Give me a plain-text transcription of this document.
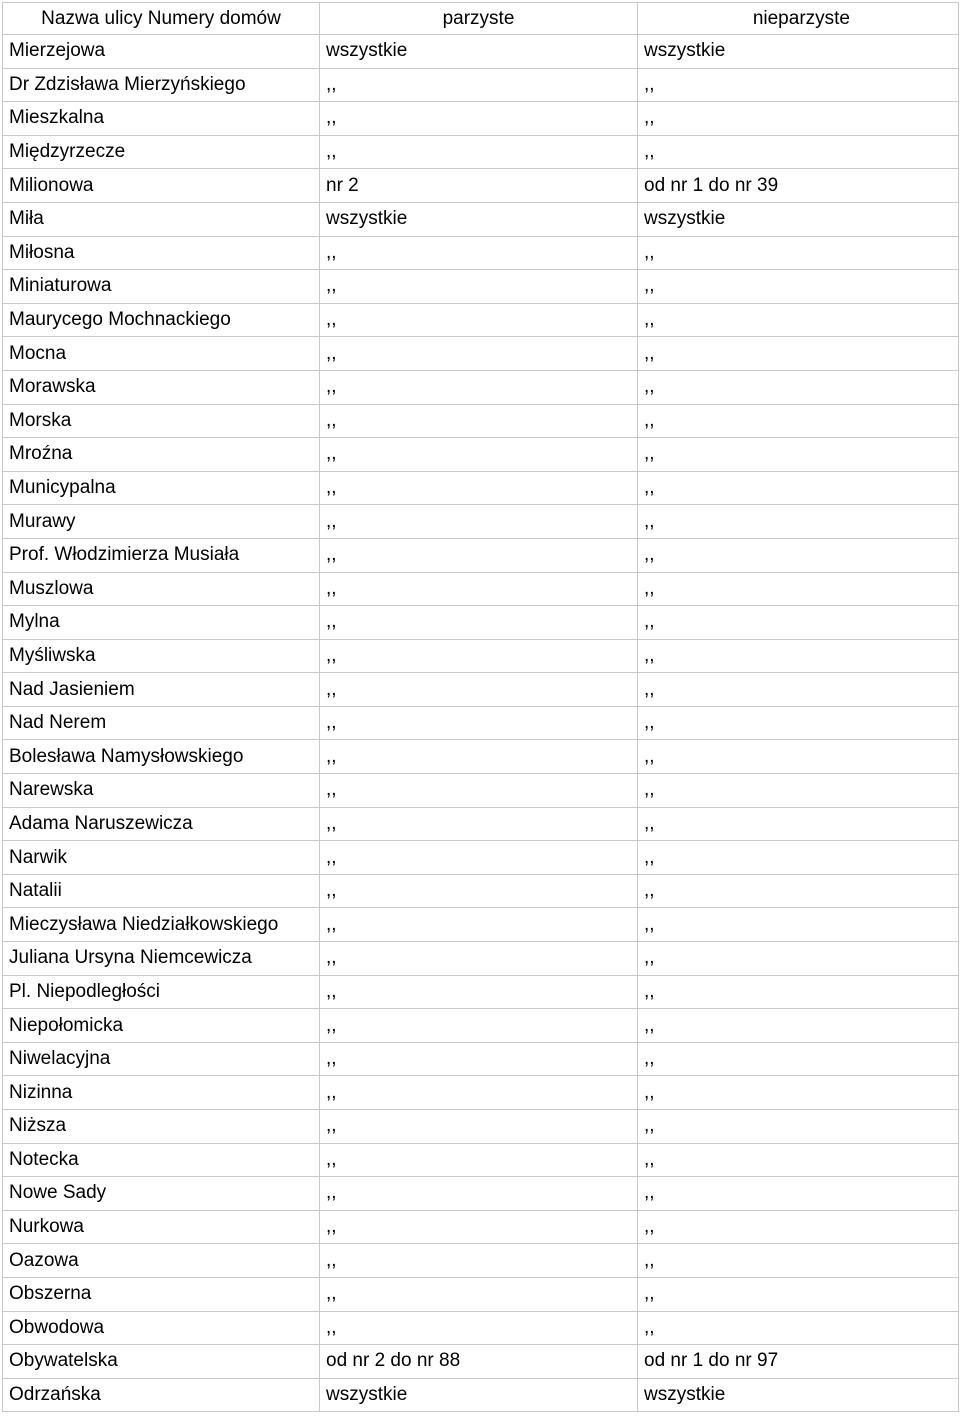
Nazwa ulicy Numery domów	parzyste	nieparzyste
Mierzejowa	wszystkie	wszystkie
Dr Zdzisława Mierzyńskiego	,,	,,
Mieszkalna	,,	,,
Międzyrzecze	,,	,,
Milionowa	nr 2	od nr 1 do nr 39
Miła	wszystkie	wszystkie
Miłosna	,,	,,
Miniaturowa	,,	,,
Maurycego Mochnackiego	,,	,,
Mocna	,,	,,
Morawska	,,	,,
Morska	,,	,,
Mroźna	,,	,,
Municypalna	,,	,,
Murawy	,,	,,
Prof. Włodzimierza Musiała	,,	,,
Muszlowa	,,	,,
Mylna	,,	,,
Myśliwska	,,	,,
Nad Jasieniem	,,	,,
Nad Nerem	,,	,,
Bolesława Namysłowskiego	,,	,,
Narewska	,,	,,
Adama Naruszewicza	,,	,,
Narwik	,,	,,
Natalii	,,	,,
Mieczysława Niedziałkowskiego	,,	,,
Juliana Ursyna Niemcewicza	,,	,,
Pl. Niepodległości	,,	,,
Niepołomicka	,,	,,
Niwelacyjna	,,	,,
Nizinna	,,	,,
Niższa	,,	,,
Notecka	,,	,,
Nowe Sady	,,	,,
Nurkowa	,,	,,
Oazowa	,,	,,
Obszerna	,,	,,
Obwodowa	,,	,,
Obywatelska	od nr 2 do nr 88	od nr 1 do nr 97
Odrzańska	wszystkie	wszystkie
